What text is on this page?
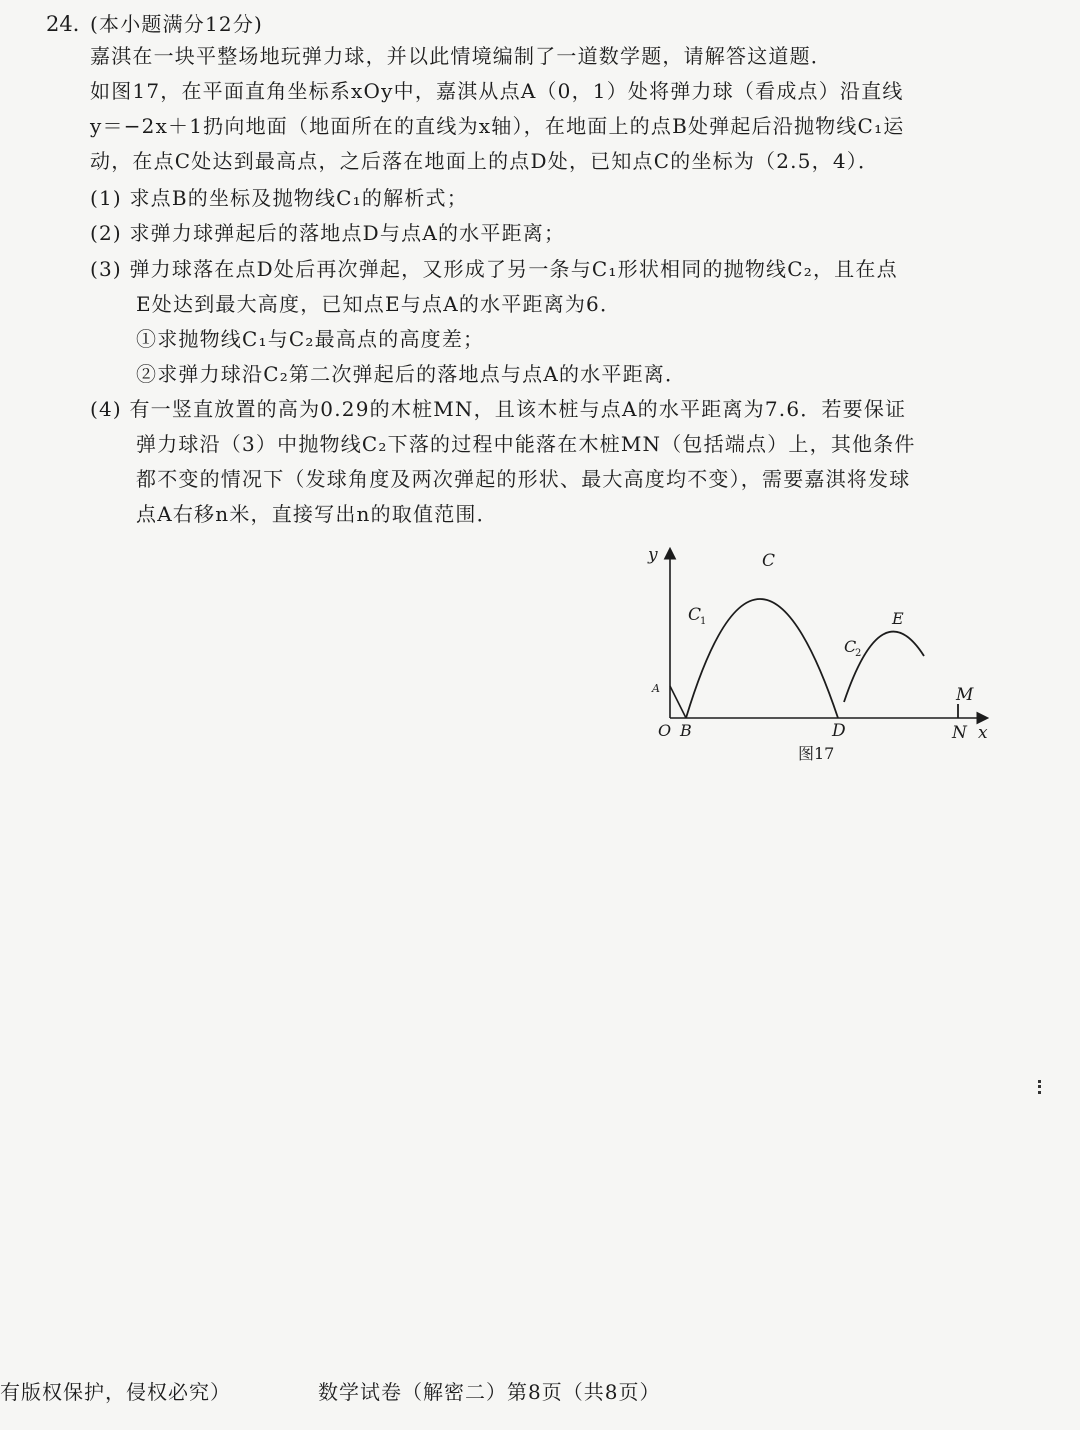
24．
(本小题满分12分)
嘉淇在一块平整场地玩弹力球，并以此情境编制了一道数学题，请解答这道题．
如图17，在平面直角坐标系xOy中，嘉淇从点A（0，1）处将弹力球（看成点）沿直线
y＝−2x＋1扔向地面（地面所在的直线为x轴），在地面上的点B处弹起后沿抛物线C₁运
动，在点C处达到最高点，之后落在地面上的点D处，已知点C的坐标为（2.5，4）．
(1) 求点B的坐标及抛物线C₁的解析式；
(2) 求弹力球弹起后的落地点D与点A的水平距离；
(3) 弹力球落在点D处后再次弹起，又形成了另一条与C₁形状相同的抛物线C₂，且在点
E处达到最大高度，已知点E与点A的水平距离为6．
①求抛物线C₁与C₂最高点的高度差；
②求弹力球沿C₂第二次弹起后的落地点与点A的水平距离．
(4) 有一竖直放置的高为0.29的木桩MN，且该木桩与点A的水平距离为7.6．若要保证
弹力球沿（3）中抛物线C₂下落的过程中能落在木桩MN（包括端点）上，其他条件
都不变的情况下（发球角度及两次弹起的形状、最大高度均不变），需要嘉淇将发球
点A右移n米，直接写出n的取值范围．
y
x
O
A
B
C
D
E
M
N
C
1
C
2
图17
有版权保护，侵权必究）	数学试卷（解密二）第8页（共8页）
